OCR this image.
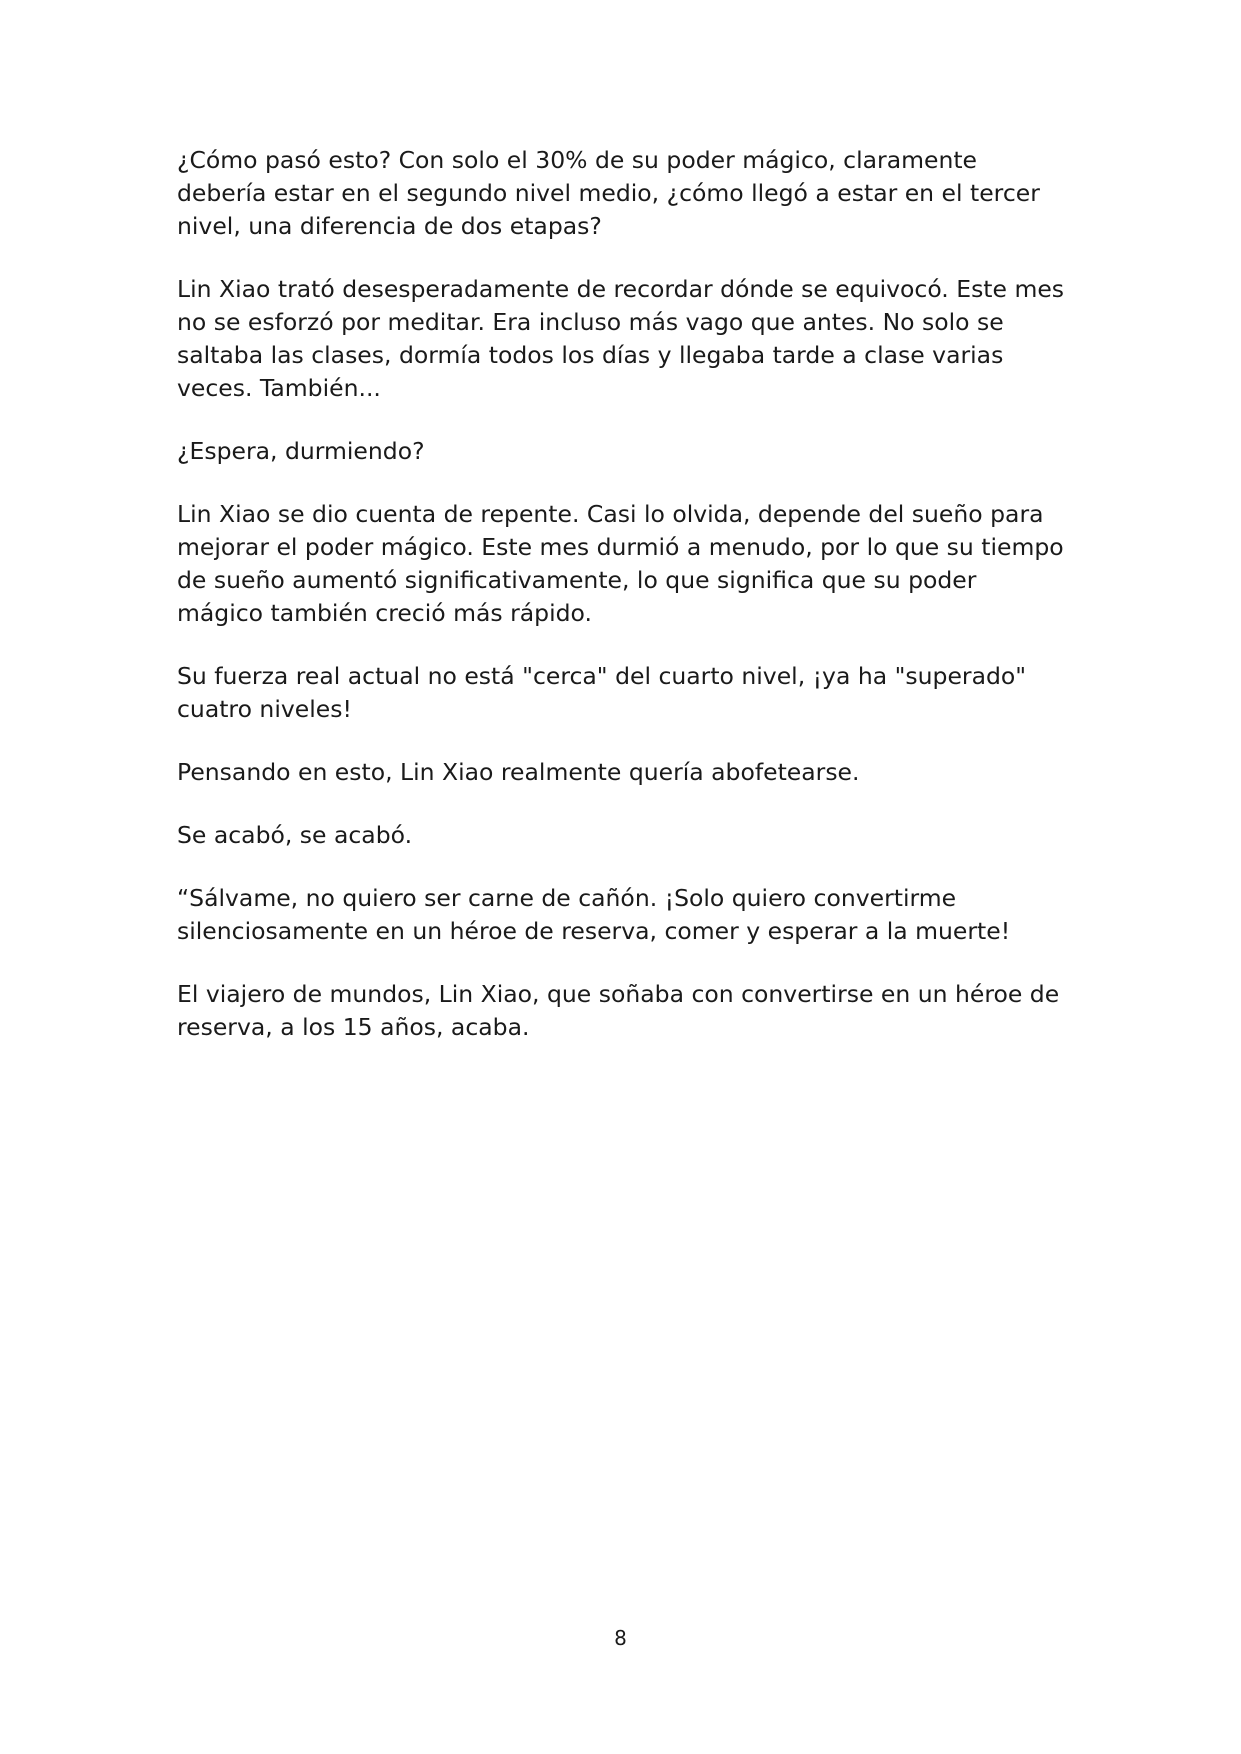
¿Cómo pasó esto? Con solo el 30% de su poder mágico, claramente debería estar en el segundo nivel medio, ¿cómo llegó a estar en el tercer nivel, una diferencia de dos etapas?

Lin Xiao trató desesperadamente de recordar dónde se equivocó. Este mes no se esforzó por meditar. Era incluso más vago que antes. No solo se saltaba las clases, dormía todos los días y llegaba tarde a clase varias veces. También...

¿Espera, durmiendo?

Lin Xiao se dio cuenta de repente. Casi lo olvida, depende del sueño para mejorar el poder mágico. Este mes durmió a menudo, por lo que su tiempo de sueño aumentó significativamente, lo que significa que su poder mágico también creció más rápido.

Su fuerza real actual no está "cerca" del cuarto nivel, ¡ya ha "superado" cuatro niveles!

Pensando en esto, Lin Xiao realmente quería abofetearse.

Se acabó, se acabó.

“Sálvame, no quiero ser carne de cañón. ¡Solo quiero convertirme silenciosamente en un héroe de reserva, comer y esperar a la muerte!

El viajero de mundos, Lin Xiao, que soñaba con convertirse en un héroe de reserva, a los 15 años, acaba.

8
